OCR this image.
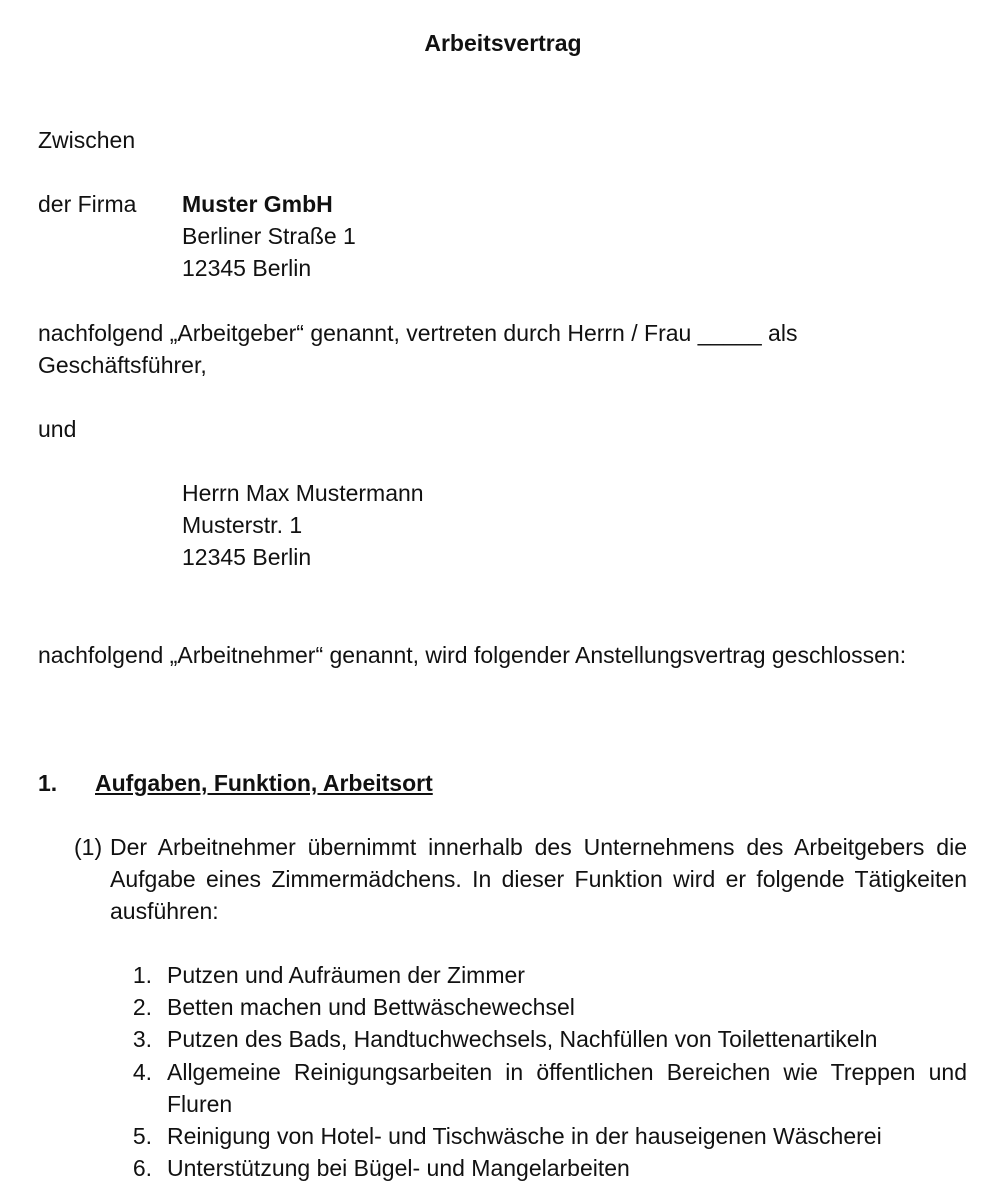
Arbeitsvertrag
Zwischen
der Firma Muster GmbH
Berliner Straße 1
12345 Berlin
nachfolgend „Arbeitgeber“ genannt, vertreten durch Herrn / Frau _____ als
Geschäftsführer,
und
Herrn Max Mustermann
Musterstr. 1
12345 Berlin
nachfolgend „Arbeitnehmer“ genannt, wird folgender Anstellungsvertrag geschlossen:
1. Aufgaben, Funktion, Arbeitsort
(1) Der Arbeitnehmer übernimmt innerhalb des Unternehmens des Arbeitgebers die
Aufgabe eines Zimmermädchens. In dieser Funktion wird er folgende Tätigkeiten
ausführen:
1. Putzen und Aufräumen der Zimmer
2. Betten machen und Bettwäschewechsel
3. Putzen des Bads, Handtuchwechsels, Nachfüllen von Toilettenartikeln
4. Allgemeine Reinigungsarbeiten in öffentlichen Bereichen wie Treppen und
Fluren
5. Reinigung von Hotel- und Tischwäsche in der hauseigenen Wäscherei
6. Unterstützung bei Bügel- und Mangelarbeiten
